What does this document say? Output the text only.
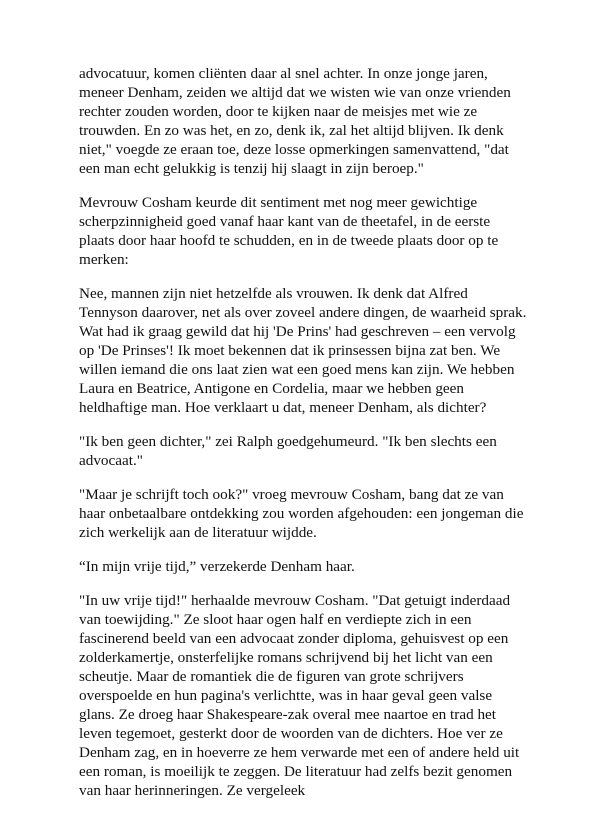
advocatuur, komen cliënten daar al snel achter. In onze jonge jaren, meneer Denham, zeiden we altijd dat we wisten wie van onze vrienden rechter zouden worden, door te kijken naar de meisjes met wie ze trouwden. En zo was het, en zo, denk ik, zal het altijd blijven. Ik denk niet," voegde ze eraan toe, deze losse opmerkingen samenvattend, "dat een man echt gelukkig is tenzij hij slaagt in zijn beroep."

Mevrouw Cosham keurde dit sentiment met nog meer gewichtige scherpzinnigheid goed vanaf haar kant van de theetafel, in de eerste plaats door haar hoofd te schudden, en in de tweede plaats door op te merken:

Nee, mannen zijn niet hetzelfde als vrouwen. Ik denk dat Alfred Tennyson daarover, net als over zoveel andere dingen, de waarheid sprak. Wat had ik graag gewild dat hij 'De Prins' had geschreven – een vervolg op 'De Prinses'! Ik moet bekennen dat ik prinsessen bijna zat ben. We willen iemand die ons laat zien wat een goed mens kan zijn. We hebben Laura en Beatrice, Antigone en Cordelia, maar we hebben geen heldhaftige man. Hoe verklaart u dat, meneer Denham, als dichter?

"Ik ben geen dichter," zei Ralph goedgehumeurd. "Ik ben slechts een advocaat."

"Maar je schrijft toch ook?" vroeg mevrouw Cosham, bang dat ze van haar onbetaalbare ontdekking zou worden afgehouden: een jongeman die zich werkelijk aan de literatuur wijdde.

“In mijn vrije tijd,” verzekerde Denham haar.

"In uw vrije tijd!" herhaalde mevrouw Cosham. "Dat getuigt inderdaad van toewijding." Ze sloot haar ogen half en verdiepte zich in een fascinerend beeld van een advocaat zonder diploma, gehuisvest op een zolderkamertje, onsterfelijke romans schrijvend bij het licht van een scheutje. Maar de romantiek die de figuren van grote schrijvers overspoelde en hun pagina's verlichtte, was in haar geval geen valse glans. Ze droeg haar Shakespeare-zak overal mee naartoe en trad het leven tegemoet, gesterkt door de woorden van de dichters. Hoe ver ze Denham zag, en in hoeverre ze hem verwarde met een of andere held uit een roman, is moeilijk te zeggen. De literatuur had zelfs bezit genomen van haar herinneringen. Ze vergeleek
